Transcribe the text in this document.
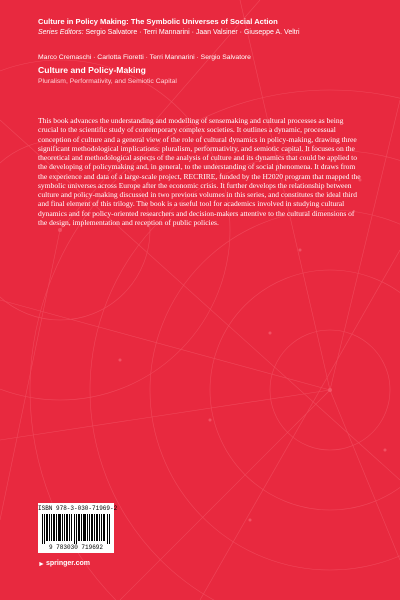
Culture in Policy Making: The Symbolic Universes of Social Action
Series Editors: Sergio Salvatore · Terri Mannarini · Jaan Valsiner · Giuseppe A. Veltri
Marco Cremaschi · Carlotta Fioretti · Terri Mannarini · Sergio Salvatore
Culture and Policy-Making
Pluralism, Performativity, and Semiotic Capital

This book advances the understanding and modelling of sensemaking and cultural processes as being crucial to the scientific study of contemporary complex societies. It outlines a dynamic, processual conception of culture and a general view of the role of cultural dynamics in policy-making, drawing three significant methodological implications: pluralism, performativity, and semiotic capital. It focuses on the theoretical and methodological aspects of the analysis of culture and its dynamics that could be applied to the developing of policymaking and, in general, to the understanding of social phenomena. It draws from the experience and data of a large-scale project, RECRIRE, funded by the H2020 program that mapped the symbolic universes across Europe after the economic crisis. It further develops the relationship between culture and policy-making discussed in two previous volumes in this series, and constitutes the ideal third and final element of this trilogy. The book is a useful tool for academics involved in studying cultural dynamics and for policy-oriented researchers and decision-makers attentive to the cultural dimensions of the design, implementation and reception of public policies.

ISBN 978-3-030-71969-2
9 783030 719692
► springer.com
